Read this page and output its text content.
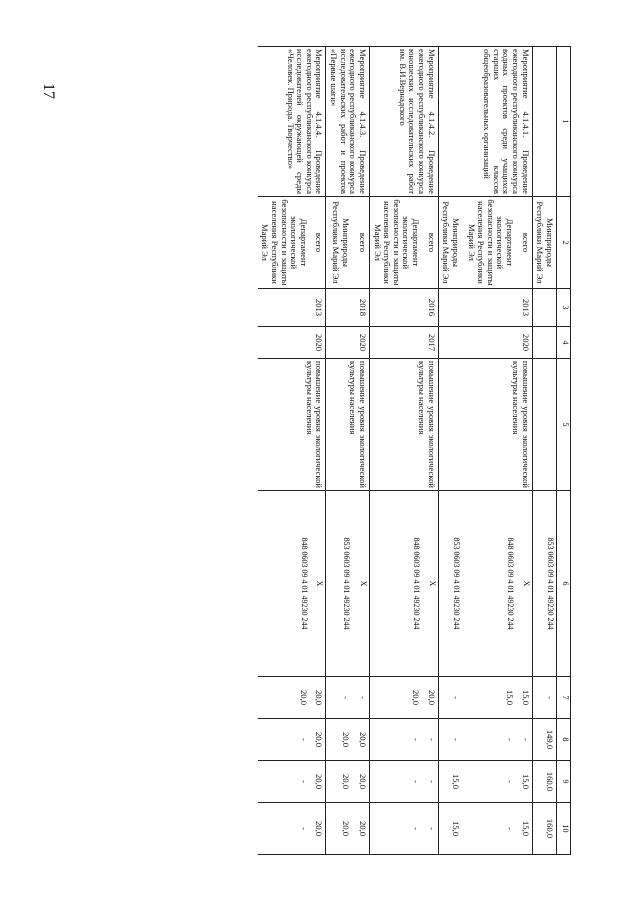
17
1	2	3	4	5	6	7	8	9	10
	Минприроды Республики Марий Эл				853 0603 09 4 01 49230 244	-	149,0	160,0	160,0
Мероприятие 4.1.4.1. Проведение ежегодного республиканского конкурса водных проектов среди учащихся старших классов общеобразовательных организаций	всего	2013	2020	повышение уровня экологической культуры населения	X	15,0	-	15,0	15,0
	Департамент экологической безопасности и защиты населения Республики Марий Эл				848 0603 09 4 01 49230 244	15,0	-	-	-
	Минприроды Республики Марий Эл				853 0603 09 4 01 49230 244	-	-	15,0	15,0
Мероприятие 4.1.4.2. Проведение ежегодного республиканского конкурса юношеских исследовательских работ им. В.И.Вернадского	всего	2016	2017	повышение уровня экологической культуры населения	X	20,0	-	-	-
	Департамент экологической безопасности и защиты населения Республики Марий Эл				848 0603 09 4 01 49230 244	20,0	-	-	-
Мероприятие 4.1.4.3. Проведение ежегодного республиканского конкурса исследовательских работ и проектов «Первые шаги»	всего	2018	2020	повышение уровня экологической культуры населения	X	-	20,0	20,0	20,0
	Минприроды Республики Марий Эл				853 0603 09 4 01 49230 244	-	20,0	20,0	20,0
Мероприятие 4.1.4.4. Проведение ежегодного республиканского конкурса исследователей окружающей среды «Человек. Природа. Творчество»	всего	2013	2020	повышение уровня экологической культуры населения	X	20,0	20,0	20,0	20,0
	Департамент экологической безопасности и защиты населения Республики Марий Эл				848 0603 09 4 01 49230 244	20,0	-	-	-
